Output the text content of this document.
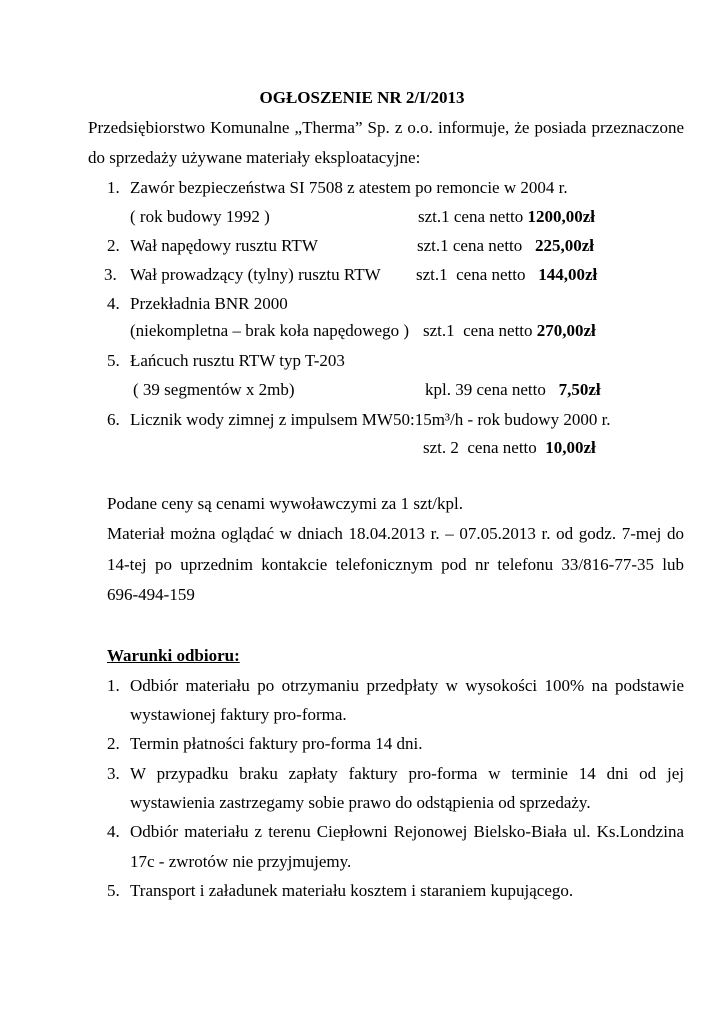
OGŁOSZENIE NR 2/I/2013
Przedsiębiorstwo Komunalne „Therma” Sp. z o.o. informuje, że posiada przeznaczone
do sprzedaży używane materiały eksploatacyjne:
1. Zawór bezpieczeństwa SI 7508 z atestem po remoncie w 2004 r.
( rok budowy 1992 )	szt.1 cena netto 1200,00zł
2. Wał napędowy rusztu RTW	szt.1 cena netto 225,00zł
3. Wał prowadzący (tylny) rusztu RTW szt.1  cena netto 144,00zł
4. Przekładnia BNR 2000
(niekompletna – brak koła napędowego ) szt.1  cena netto 270,00zł
5. Łańcuch rusztu RTW typ T-203
( 39 segmentów x 2mb)	kpl. 39 cena netto 7,50zł
6. Licznik wody zimnej z impulsem MW50:15m³/h - rok budowy 2000 r.
szt. 2  cena netto 10,00zł
Podane ceny są cenami wywoławczymi za 1 szt/kpl.
Materiał można oglądać w dniach 18.04.2013 r. – 07.05.2013 r. od godz. 7-mej do
14-tej po uprzednim kontakcie telefonicznym pod nr telefonu 33/816-77-35 lub
696-494-159
Warunki odbioru:
1. Odbiór materiału po otrzymaniu przedpłaty w wysokości 100% na podstawie
wystawionej faktury pro-forma.
2. Termin płatności faktury pro-forma 14 dni.
3. W przypadku braku zapłaty faktury pro-forma w terminie 14 dni od jej
wystawienia zastrzegamy sobie prawo do odstąpienia od sprzedaży.
4. Odbiór materiału z terenu Ciepłowni Rejonowej Bielsko-Biała ul. Ks.Londzina
17c - zwrotów nie przyjmujemy.
5. Transport i załadunek materiału kosztem i staraniem kupującego.
